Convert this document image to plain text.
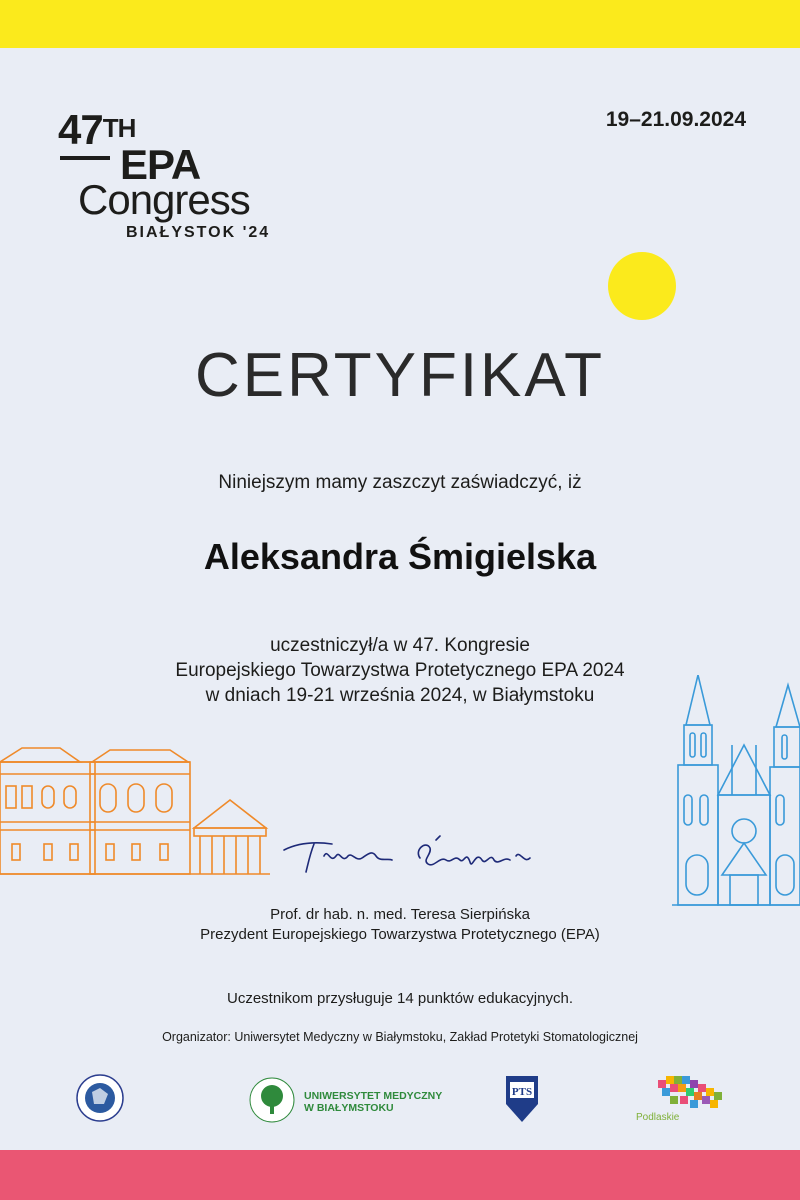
47TH
EPA
Congress
BIAŁYSTOK '24
19–21.09.2024
CERTYFIKAT
Niniejszym mamy zaszczyt zaświadczyć, iż
Aleksandra Śmigielska
uczestniczył/a w 47. Kongresie
Europejskiego Towarzystwa Protetycznego EPA 2024
w dniach 19-21 września 2024, w Białymstoku
Prof. dr hab. n. med. Teresa Sierpińska
Prezydent Europejskiego Towarzystwa Protetycznego (EPA)
Uczestnikom przysługuje 14 punktów edukacyjnych.
Organizator: Uniwersytet Medyczny w Białymstoku, Zakład Protetyki Stomatologicznej
PTS
UNIWERSYTET MEDYCZNY
W BIAŁYMSTOKU
Podlaskie
